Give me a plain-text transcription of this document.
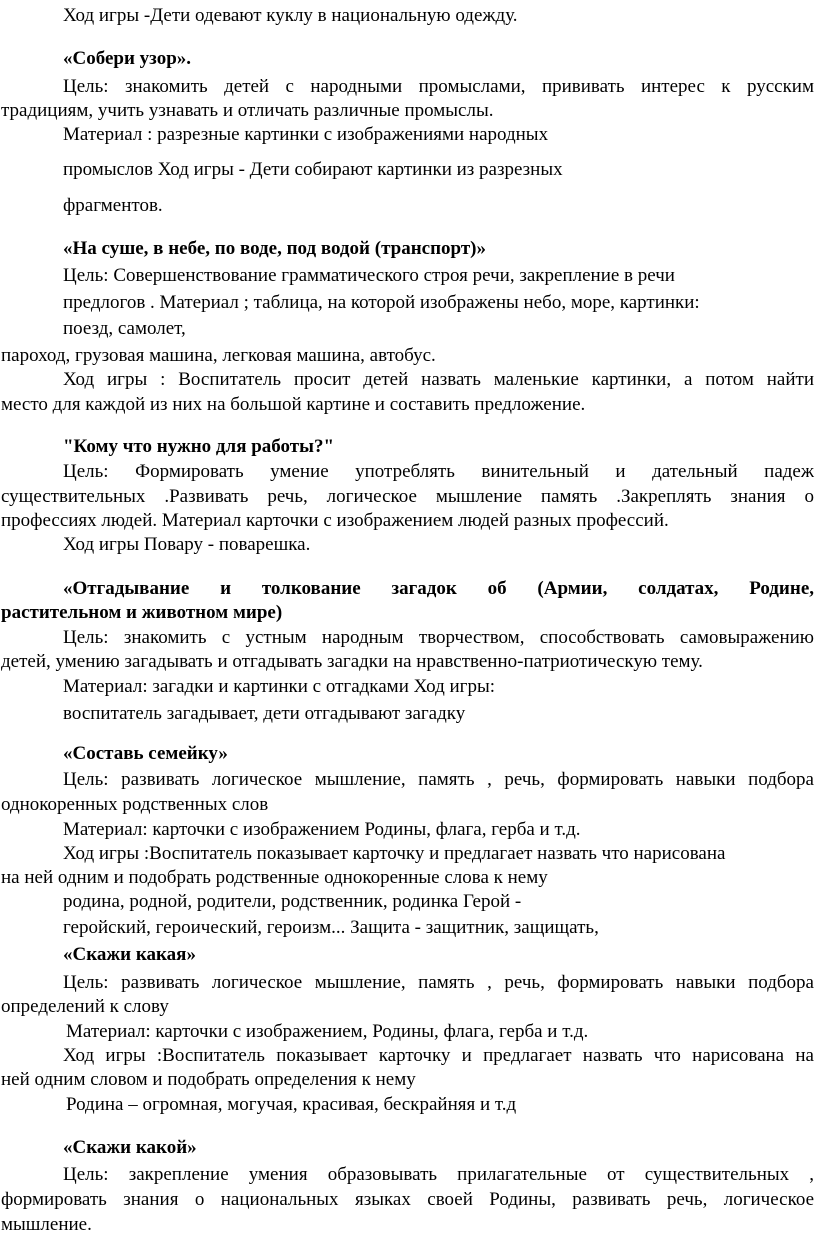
Ход игры -Дети одевают куклу в национальную одежду.
«Собери узор».
Цель: знакомить детей с народными промыслами, прививать интерес к русским
традициям, учить узнавать и отличать различные промыслы.
Материал : разрезные картинки с изображениями народных
промыслов Ход игры - Дети собирают картинки из разрезных
фрагментов.
«На суше, в небе, по воде, под водой (транспорт)»
Цель: Совершенствование грамматического строя речи, закрепление в речи
предлогов . Материал ; таблица, на которой изображены небо, море, картинки:
поезд, самолет,
пароход, грузовая машина, легковая машина, автобус.
Ход игры : Воспитатель просит детей назвать маленькие картинки, а потом найти
место для каждой из них на большой картине и составить предложение.
"Кому что нужно для работы?"
Цель: Формировать умение употреблять винительный и дательный падеж
существительных .Развивать речь, логическое мышление память .Закреплять знания о
профессиях людей. Материал карточки с изображением людей разных профессий.
Ход игры Повару - поварешка.
«Отгадывание и толкование загадок об (Армии, солдатах, Родине,
растительном и животном мире)
Цель: знакомить с устным народным творчеством, способствовать самовыражению
детей, умению загадывать и отгадывать загадки на нравственно-патриотическую тему.
Материал: загадки и картинки с отгадками Ход игры:
воспитатель загадывает, дети отгадывают загадку
«Составь семейку»
Цель: развивать логическое мышление, память , речь, формировать навыки подбора
однокоренных родственных слов
Материал: карточки с изображением Родины, флага, герба и т.д.
Ход игры :Воспитатель показывает карточку и предлагает назвать что нарисована
на ней одним и подобрать родственные однокоренные слова к нему
родина, родной, родители, родственник, родинка Герой -
геройский, героический, героизм... Защита - защитник, защищать,
«Скажи какая»
Цель: развивать логическое мышление, память , речь, формировать навыки подбора
определений к слову
Материал: карточки с изображением, Родины, флага, герба и т.д.
Ход игры :Воспитатель показывает карточку и предлагает назвать что нарисована на
ней одним словом и подобрать определения к нему
Родина – огромная, могучая, красивая, бескрайняя и т.д
«Скажи какой»
Цель: закрепление умения образовывать прилагательные от существительных ,
формировать знания о национальных языках своей Родины, развивать речь, логическое
мышление.
